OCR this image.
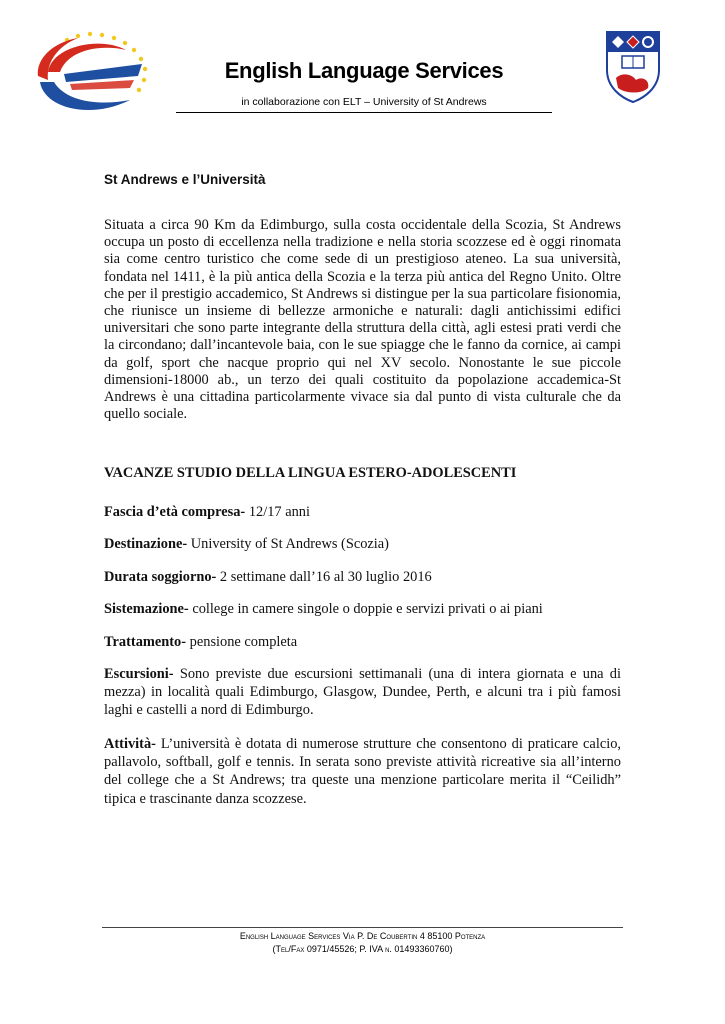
English Language Services
in collaborazione con ELT – University of St Andrews
St Andrews e l’Università

Situata a circa 90 Km da Edimburgo, sulla costa occidentale della Scozia, St Andrews occupa un posto di eccellenza nella tradizione e nella storia scozzese ed è oggi rinomata sia come centro turistico che come sede di un prestigioso ateneo. La sua università, fondata nel 1411, è la più antica della Scozia e la terza più antica del Regno Unito. Oltre che per il prestigio accademico, St Andrews si distingue per la sua particolare fisionomia, che riunisce un insieme di bellezze armoniche e naturali: dagli antichissimi edifici universitari che sono parte integrante della struttura della città, agli estesi prati verdi che la circondano; dall’incantevole baia, con le sue spiagge che le fanno da cornice, ai campi da golf, sport che nacque proprio qui nel XV secolo. Nonostante le sue piccole dimensioni-18000 ab., un terzo dei quali costituito da popolazione accademica-St Andrews è una cittadina particolarmente vivace sia dal punto di vista culturale che da quello sociale.

VACANZE STUDIO DELLA LINGUA ESTERO-ADOLESCENTI

Fascia d’età compresa- 12/17 anni

Destinazione- University of St Andrews (Scozia)

Durata soggiorno- 2 settimane dall’16 al 30 luglio 2016

Sistemazione- college in camere singole o doppie e servizi privati o ai piani

Trattamento- pensione completa

Escursioni- Sono previste due escursioni settimanali (una di intera giornata e una di mezza) in località quali Edimburgo, Glasgow, Dundee, Perth, e alcuni tra i più famosi laghi e castelli a nord di Edimburgo.

Attività- L’università è dotata di numerose strutture che consentono di praticare calcio, pallavolo, softball, golf e tennis. In serata sono previste attività ricreative sia all’interno del college che a St Andrews; tra queste una menzione particolare merita il “Ceilidh” tipica e trascinante danza scozzese.

English Language Services Via P. De Coubertin 4 85100 Potenza
(Tel/Fax 0971/45526; P. IVA n. 01493360760)
